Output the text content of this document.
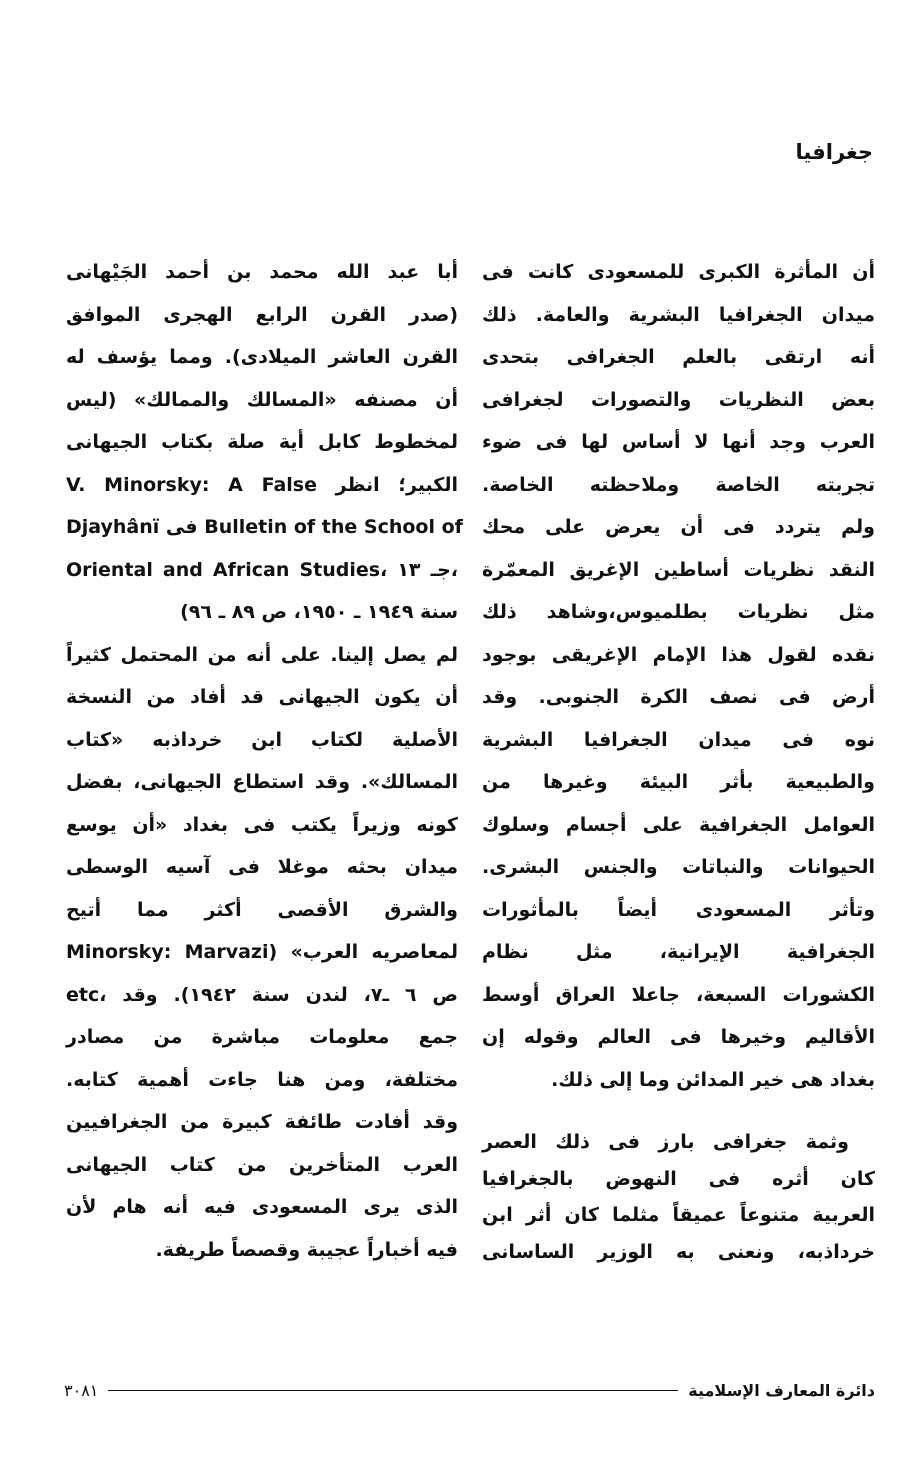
جغرافيا
أن المأثرة الكبرى للمسعودى كانت فى
ميدان الجغرافيا البشرية والعامة. ذلك
أنه ارتقى بالعلم الجغرافى بتحدى
بعض النظريات والتصورات لجغرافى
العرب وجد أنها لا أساس لها فى ضوء
تجربته الخاصة وملاحظته الخاصة.
ولم يتردد فى أن يعرض على محك
النقد نظريات أساطين الإغريق المعمّرة
مثل نظريات بطلميوس،وشاهد ذلك
نقده لقول هذا الإمام الإغريقى بوجود
أرض فى نصف الكرة الجنوبى. وقد
نوه فى ميدان الجغرافيا البشرية
والطبيعية بأثر البيئة وغيرها من
العوامل الجغرافية على أجسام وسلوك
الحيوانات والنباتات والجنس البشرى.
وتأثر المسعودى أيضاً بالمأثورات
الجغرافية الإيرانية، مثل نظام
الكشورات السبعة، جاعلا العراق أوسط
الأقاليم وخيرها فى العالم وقوله إن
بغداد هى خير المدائن وما إلى ذلك.
وثمة جغرافى بارز فى ذلك العصر
كان أثره فى النهوض بالجغرافيا
العربية متنوعاً عميقاً مثلما كان أثر ابن
خرداذبه، ونعنى به الوزير الساسانى
أبا عبد الله محمد بن أحمد الجَيْهانى
(صدر القرن الرابع الهجرى الموافق
القرن العاشر الميلادى). ومما يؤسف له
أن مصنفه «المسالك والممالك» (ليس
لمخطوط كابل أية صلة بكتاب الجيهانى
الكبير؛ انظر V. Minorsky: A False
Djayhânï فى Bulletin of the School of
Oriental and African Studies، جـ ١٣،
سنة ١٩٤٩ ـ ١٩٥٠، ص ٨٩ ـ ٩٦)
لم يصل إلينا. على أنه من المحتمل كثيراً
أن يكون الجيهانى قد أفاد من النسخة
الأصلية لكتاب ابن خرداذبه «كتاب
المسالك». وقد استطاع الجيهانى، بفضل
كونه وزيراً يكتب فى بغداد «أن يوسع
ميدان بحثه موغلا فى آسيه الوسطى
والشرق الأقصى أكثر مما أتيح
لمعاصريه العرب» (Minorsky: Marvazi
etc، ص ٦ ـ٧، لندن سنة ١٩٤٢). وقد
جمع معلومات مباشرة من مصادر
مختلفة، ومن هنا جاءت أهمية كتابه.
وقد أفادت طائفة كبيرة من الجغرافيين
العرب المتأخرين من كتاب الجيهانى
الذى يرى المسعودى فيه أنه هام لأن
فيه أخباراً عجيبة وقصصاً طريفة.
دائرة المعارف الإسلامية
٣٠٨١
